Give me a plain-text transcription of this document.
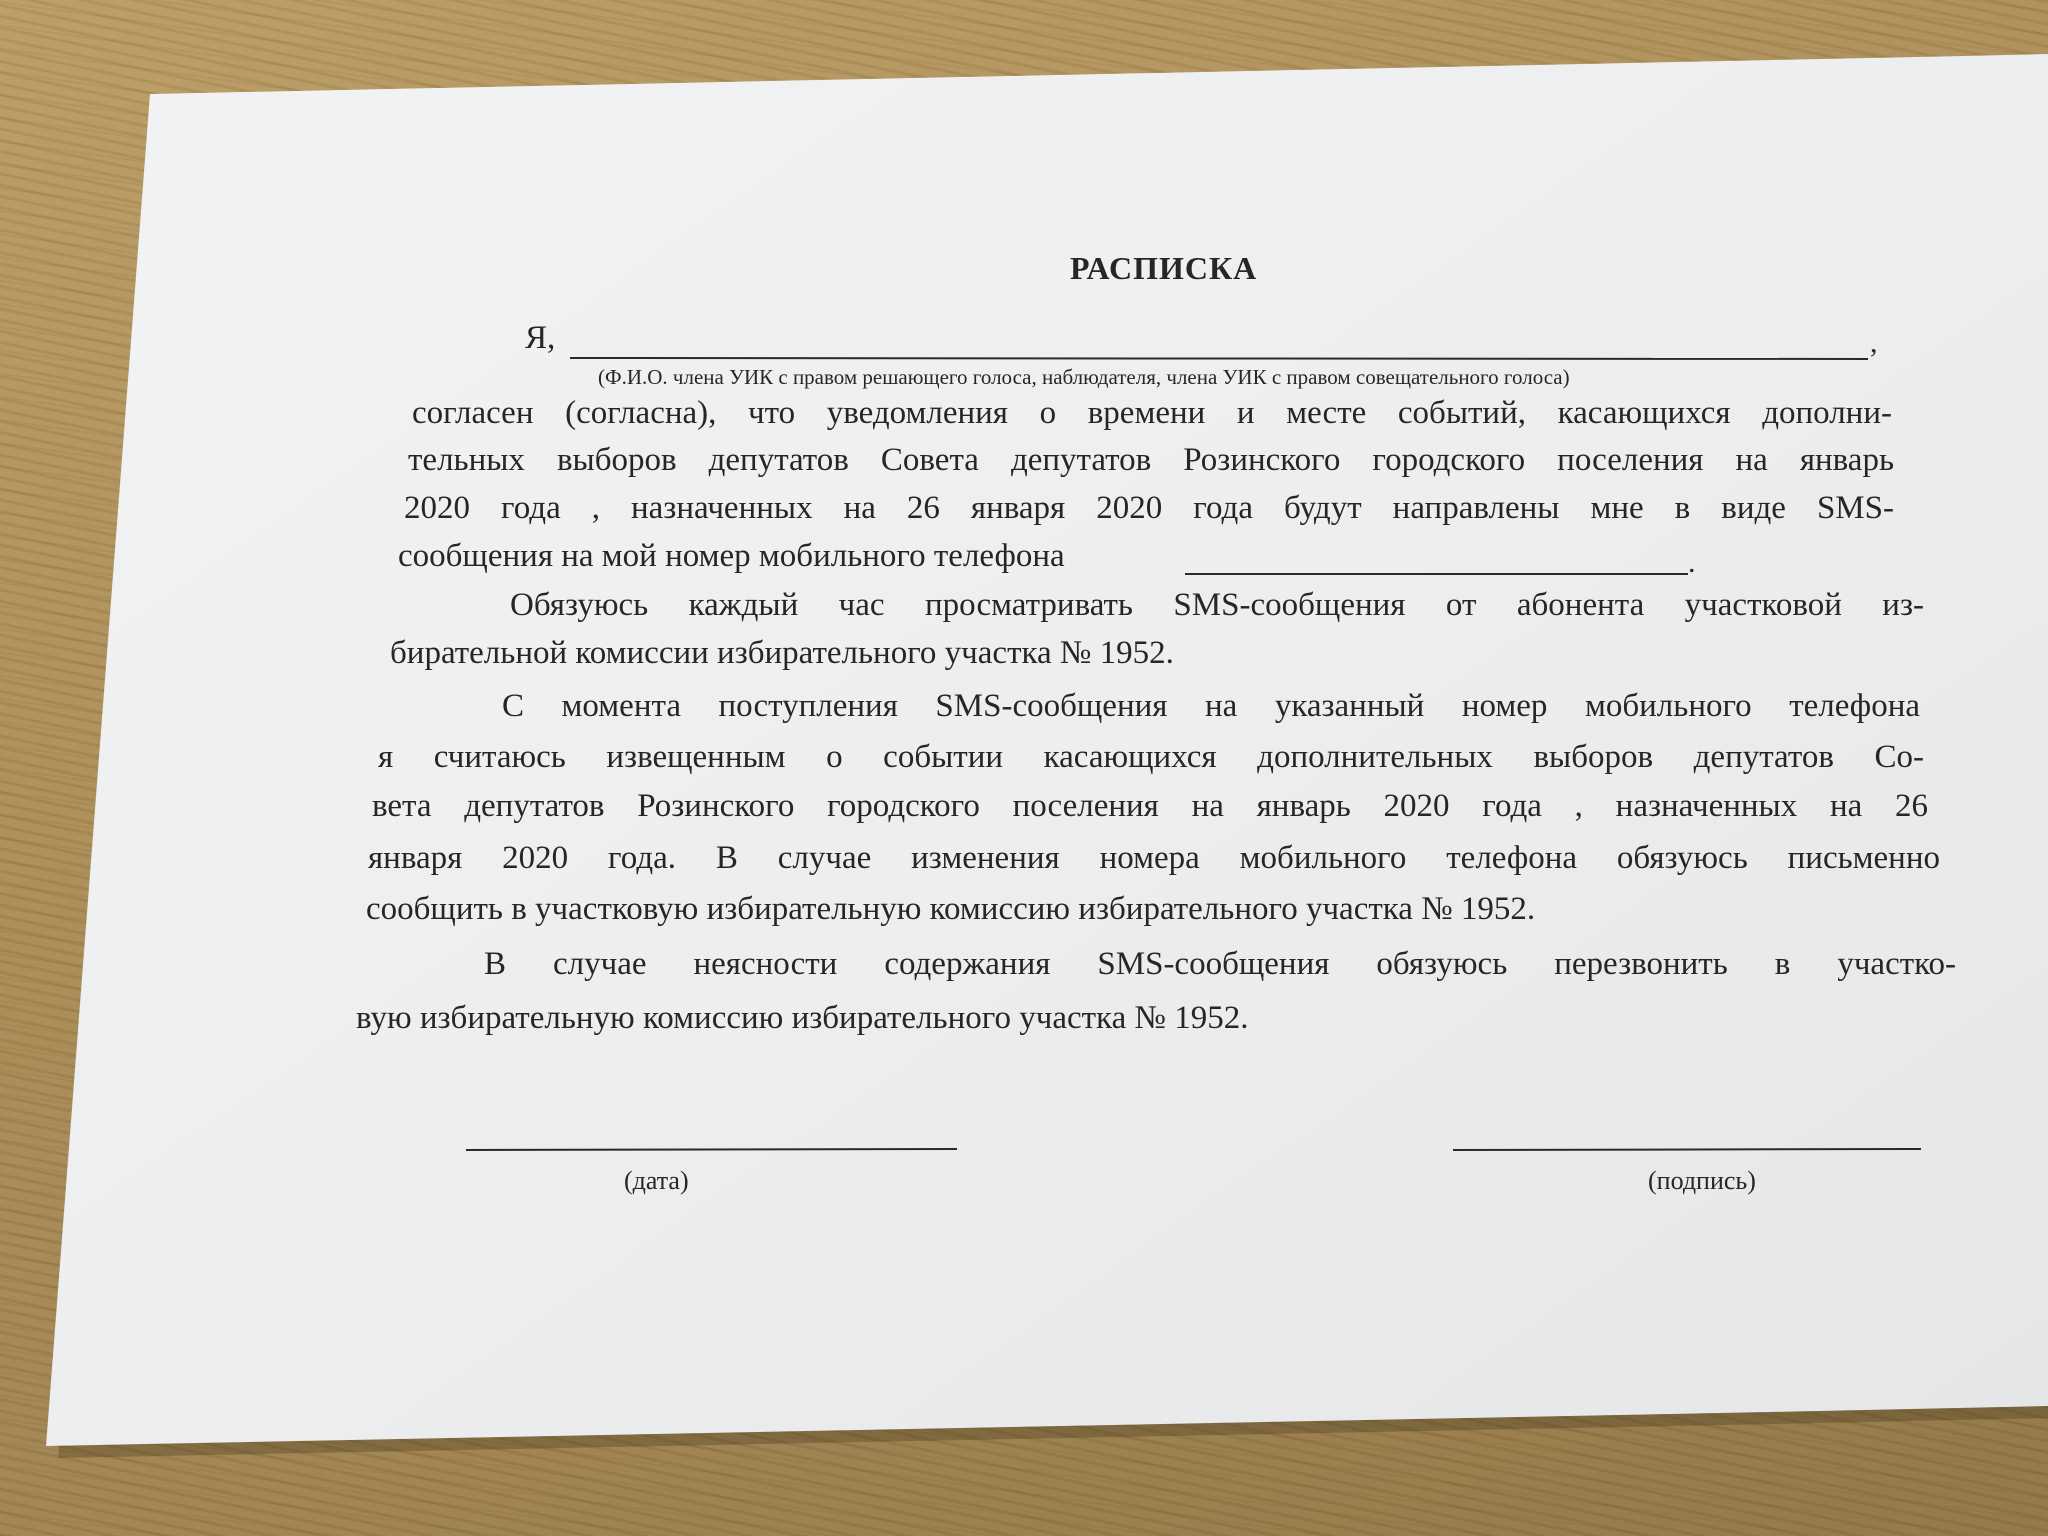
РАСПИСКА
Я,	,
(Ф.И.О. члена УИК с правом решающего голоса, наблюдателя, члена УИК с правом совещательного голоса)
согласен (согласна), что уведомления о времени и месте событий, касающихся дополни-
тельных выборов депутатов Совета депутатов Розинского городского поселения на январь
2020 года , назначенных на 26 января 2020 года будут направлены мне в виде SMS-
сообщения на мой номер мобильного телефона	.
Обязуюсь каждый час просматривать SMS-сообщения от абонента участковой из-
бирательной комиссии избирательного участка № 1952.
С момента поступления SMS-сообщения на указанный номер мобильного телефона
я считаюсь извещенным о событии касающихся дополнительных выборов депутатов Со-
вета депутатов Розинского городского поселения на январь 2020 года , назначенных на 26
января 2020 года. В случае изменения номера мобильного телефона обязуюсь письменно
сообщить в участковую избирательную комиссию избирательного участка № 1952.
В случае неясности содержания SMS-сообщения обязуюсь перезвонить в участко-
вую избирательную комиссию избирательного участка № 1952.
(дата)	(подпись)
